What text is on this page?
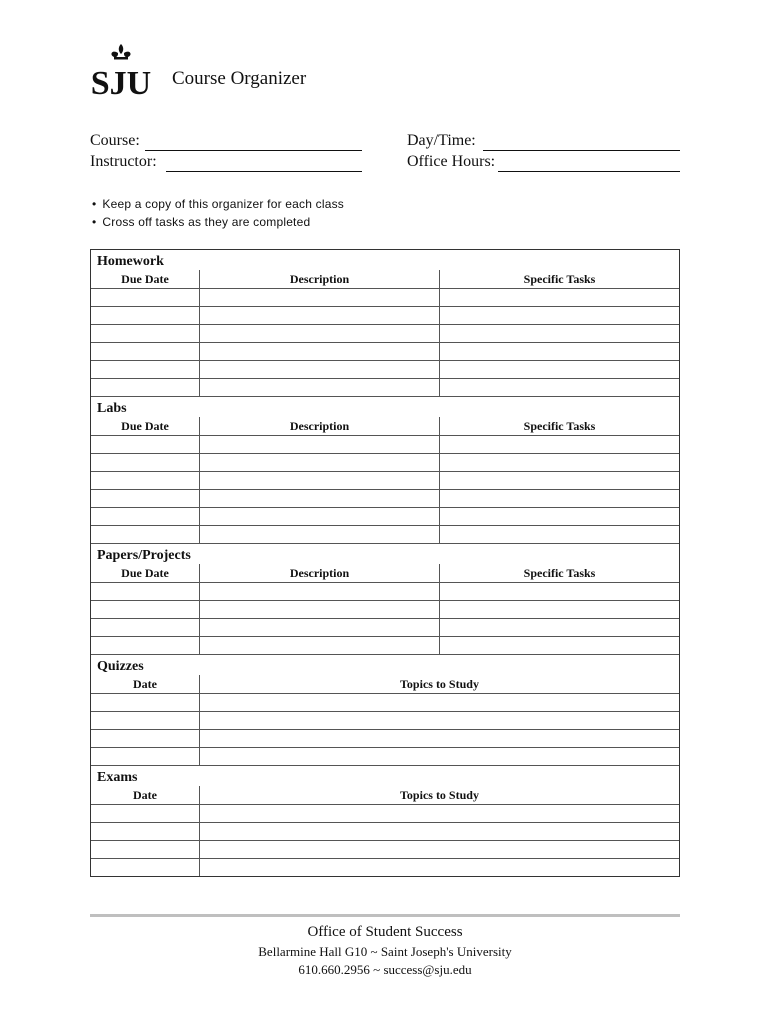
SJU Course Organizer
Course:
Instructor:
Day/Time:
Office Hours:
• Keep a copy of this organizer for each class
• Cross off tasks as they are completed
Homework
Due Date	Description	Specific Tasks
Labs
Due Date	Description	Specific Tasks
Papers/Projects
Due Date	Description	Specific Tasks
Quizzes
Date	Topics to Study
Exams
Date	Topics to Study
Office of Student Success
Bellarmine Hall G10 ~ Saint Joseph's University
610.660.2956 ~ success@sju.edu
